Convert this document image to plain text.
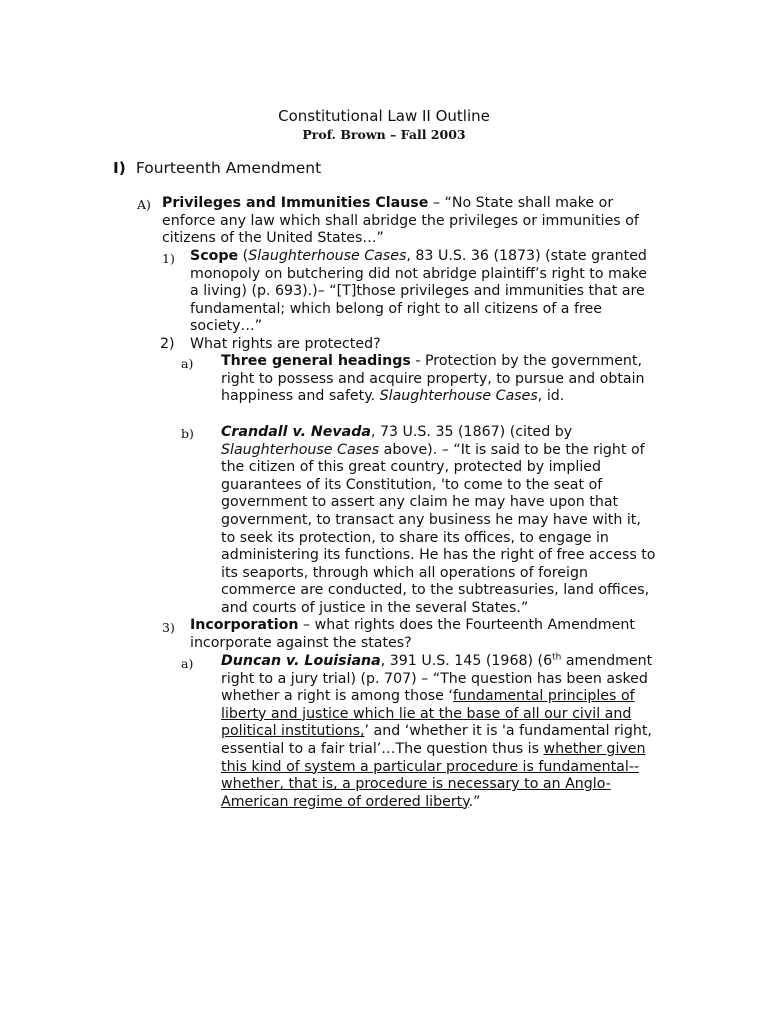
Constitutional Law II Outline
Prof. Brown – Fall 2003
I) Fourteenth Amendment
A) Privileges and Immunities Clause – “No State shall make or enforce any law which shall abridge the privileges or immunities of citizens of the United States…”
1) Scope (Slaughterhouse Cases, 83 U.S. 36 (1873) (state granted monopoly on butchering did not abridge plaintiff’s right to make a living) (p. 693).)– “[T]those privileges and immunities that are fundamental; which belong of right to all citizens of a free society…”
2) What rights are protected?
a) Three general headings - Protection by the government, right to possess and acquire property, to pursue and obtain happiness and safety. Slaughterhouse Cases, id.
b) Crandall v. Nevada, 73 U.S. 35 (1867) (cited by Slaughterhouse Cases above). – “It is said to be the right of the citizen of this great country, protected by implied guarantees of its Constitution, 'to come to the seat of government to assert any claim he may have upon that government, to transact any business he may have with it, to seek its protection, to share its offices, to engage in administering its functions. He has the right of free access to its seaports, through which all operations of foreign commerce are conducted, to the subtreasuries, land offices, and courts of justice in the several States.”
3) Incorporation – what rights does the Fourteenth Amendment incorporate against the states?
a) Duncan v. Louisiana, 391 U.S. 145 (1968) (6th amendment right to a jury trial) (p. 707) – “The question has been asked whether a right is among those ‘fundamental principles of liberty and justice which lie at the base of all our civil and political institutions,’ and ‘whether it is 'a fundamental right, essential to a fair trial’…The question thus is whether given this kind of system a particular procedure is fundamental--whether, that is, a procedure is necessary to an Anglo-American regime of ordered liberty.”
